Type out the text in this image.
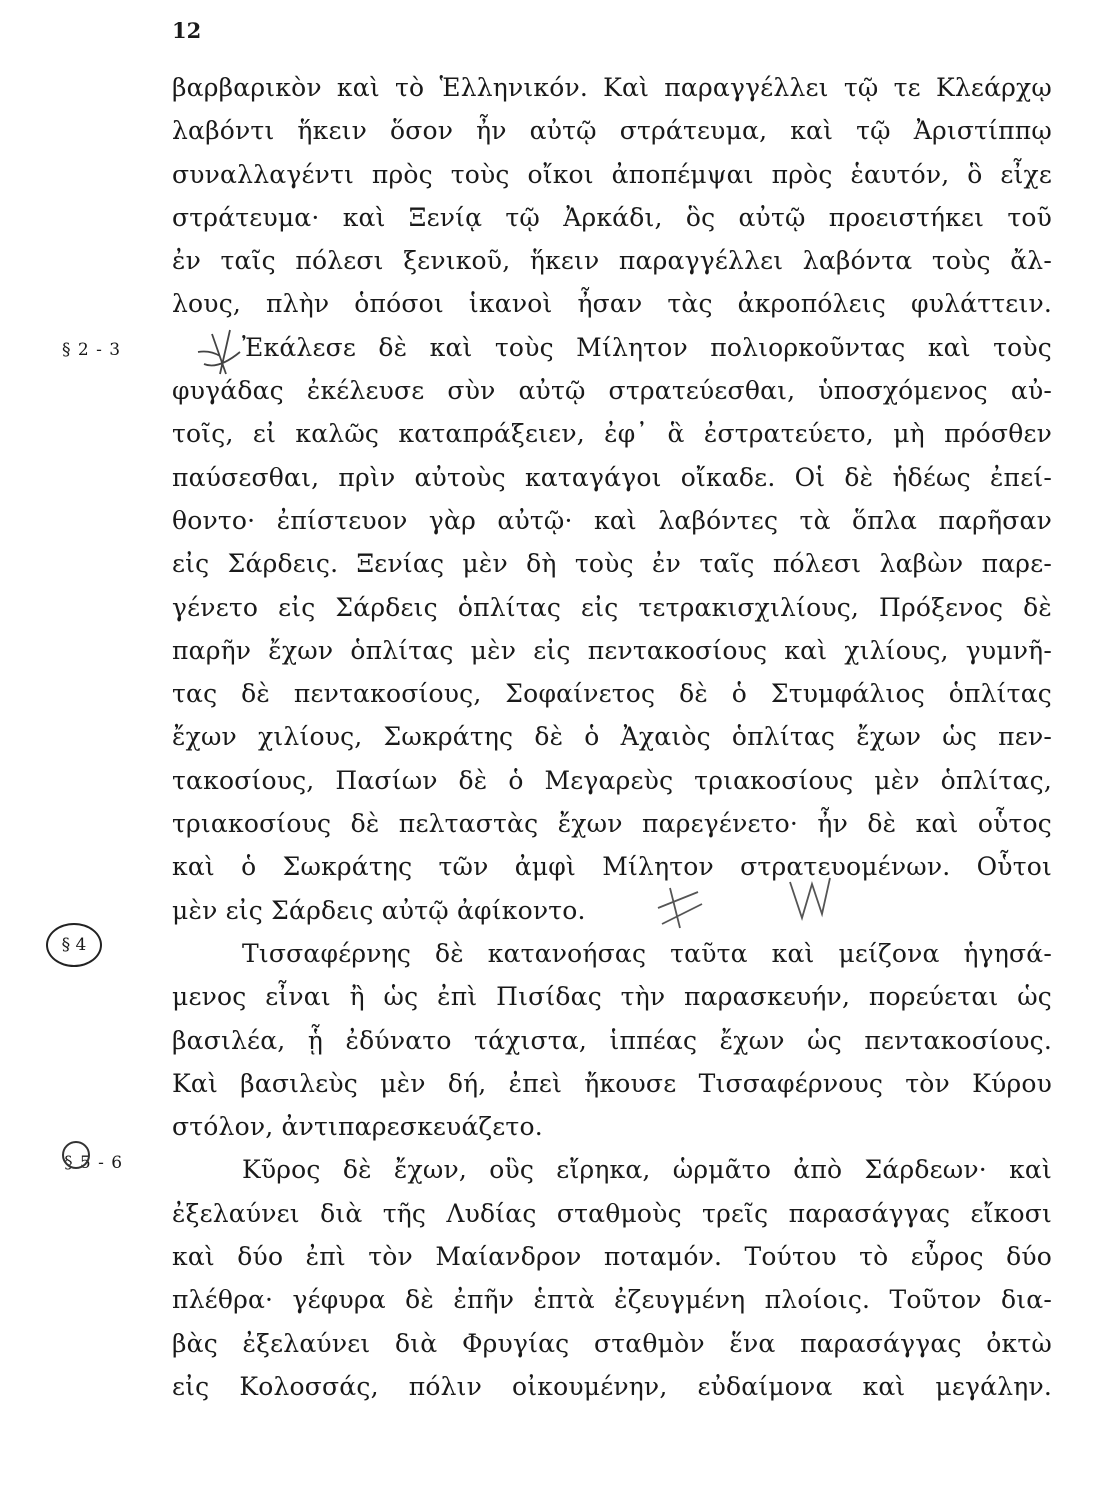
12
§ 2 - 3
§ 4
§ 5 - 6
βαρβαρικὸν καὶ τὸ Ἑλληνικόν. Καὶ παραγγέλλει τῷ τε Κλεάρχῳ
λαβόντι ἥκειν ὅσον ἦν αὐτῷ στράτευμα, καὶ τῷ Ἀριστίππῳ
συναλλαγέντι πρὸς τοὺς οἴκοι ἀποπέμψαι πρὸς ἑαυτόν, ὃ εἶχε
στράτευμα· καὶ Ξενίᾳ τῷ Ἀρκάδι, ὃς αὐτῷ προειστήκει τοῦ
ἐν ταῖς πόλεσι ξενικοῦ, ἥκειν παραγγέλλει λαβόντα τοὺς ἄλ-
λους, πλὴν ὁπόσοι ἱκανοὶ ἦσαν τὰς ἀκροπόλεις φυλάττειν.
Ἐκάλεσε δὲ καὶ τοὺς Μίλητον πολιορκοῦντας καὶ τοὺς
φυγάδας ἐκέλευσε σὺν αὐτῷ στρατεύεσθαι, ὑποσχόμενος αὐ-
τοῖς, εἰ καλῶς καταπράξειεν, ἐφ᾽ ἃ ἐστρατεύετο, μὴ πρόσθεν
παύσεσθαι, πρὶν αὐτοὺς καταγάγοι οἴκαδε. Οἱ δὲ ἡδέως ἐπεί-
θοντο· ἐπίστευον γὰρ αὐτῷ· καὶ λαβόντες τὰ ὅπλα παρῆσαν
εἰς Σάρδεις. Ξενίας μὲν δὴ τοὺς ἐν ταῖς πόλεσι λαβὼν παρε-
γένετο εἰς Σάρδεις ὁπλίτας εἰς τετρακισχιλίους, Πρόξενος δὲ
παρῆν ἔχων ὁπλίτας μὲν εἰς πεντακοσίους καὶ χιλίους, γυμνῆ-
τας δὲ πεντακοσίους, Σοφαίνετος δὲ ὁ Στυμφάλιος ὁπλίτας
ἔχων χιλίους, Σωκράτης δὲ ὁ Ἀχαιὸς ὁπλίτας ἔχων ὡς πεν-
τακοσίους, Πασίων δὲ ὁ Μεγαρεὺς τριακοσίους μὲν ὁπλίτας,
τριακοσίους δὲ πελταστὰς ἔχων παρεγένετο· ἦν δὲ καὶ οὗτος
καὶ ὁ Σωκράτης τῶν ἀμφὶ Μίλητον στρατευομένων. Οὗτοι
μὲν εἰς Σάρδεις αὐτῷ ἀφίκοντο.
Τισσαφέρνης δὲ κατανοήσας ταῦτα καὶ μείζονα ἡγησά-
μενος εἶναι ἢ ὡς ἐπὶ Πισίδας τὴν παρασκευήν, πορεύεται ὡς
βασιλέα, ᾗ ἐδύνατο τάχιστα, ἱππέας ἔχων ὡς πεντακοσίους.
Καὶ βασιλεὺς μὲν δή, ἐπεὶ ἤκουσε Τισσαφέρνους τὸν Κύρου
στόλον, ἀντιπαρεσκευάζετο.
Κῦρος δὲ ἔχων, οὓς εἴρηκα, ὡρμᾶτο ἀπὸ Σάρδεων· καὶ
ἐξελαύνει διὰ τῆς Λυδίας σταθμοὺς τρεῖς παρασάγγας εἴκοσι
καὶ δύο ἐπὶ τὸν Μαίανδρον ποταμόν. Τούτου τὸ εὖρος δύο
πλέθρα· γέφυρα δὲ ἐπῆν ἑπτὰ ἐζευγμένη πλοίοις. Τοῦτον δια-
βὰς ἐξελαύνει διὰ Φρυγίας σταθμὸν ἕνα παρασάγγας ὀκτὼ
εἰς Κολοσσάς, πόλιν οἰκουμένην, εὐδαίμονα καὶ μεγάλην.
